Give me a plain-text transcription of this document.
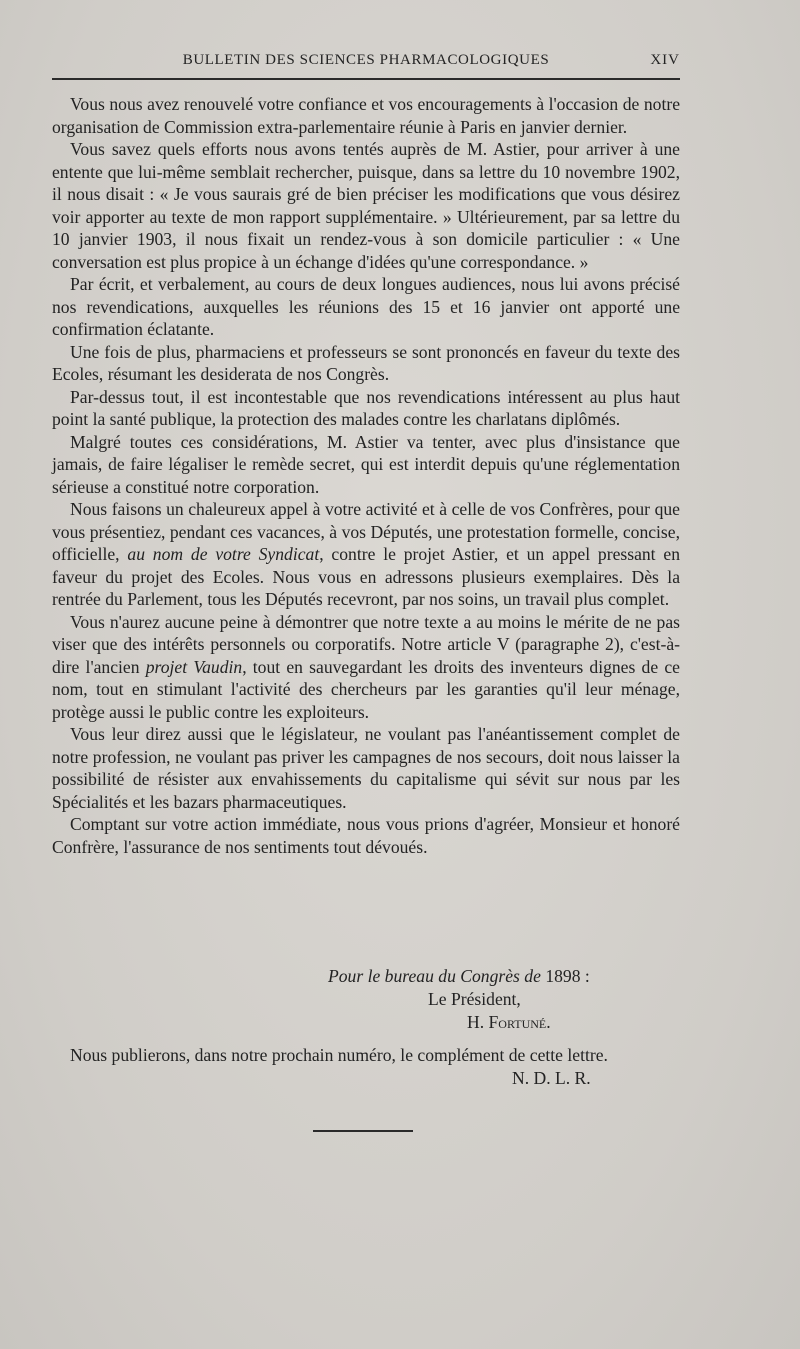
BULLETIN DES SCIENCES PHARMACOLOGIQUES	XIV

Vous nous avez renouvelé votre confiance et vos encouragements à l'occasion de notre organisation de Commission extra-parlementaire réunie à Paris en janvier dernier.

Vous savez quels efforts nous avons tentés auprès de M. Astier, pour arriver à une entente que lui-même semblait rechercher, puisque, dans sa lettre du 10 novembre 1902, il nous disait : « Je vous saurais gré de bien préciser les modifications que vous désirez voir apporter au texte de mon rapport supplémentaire. » Ultérieurement, par sa lettre du 10 janvier 1903, il nous fixait un rendez-vous à son domicile particulier : « Une conversation est plus propice à un échange d'idées qu'une correspondance. »

Par écrit, et verbalement, au cours de deux longues audiences, nous lui avons précisé nos revendications, auxquelles les réunions des 15 et 16 janvier ont apporté une confirmation éclatante.

Une fois de plus, pharmaciens et professeurs se sont prononcés en faveur du texte des Ecoles, résumant les desiderata de nos Congrès.

Par-dessus tout, il est incontestable que nos revendications intéressent au plus haut point la santé publique, la protection des malades contre les charlatans diplômés.

Malgré toutes ces considérations, M. Astier va tenter, avec plus d'insistance que jamais, de faire légaliser le remède secret, qui est interdit depuis qu'une réglementation sérieuse a constitué notre corporation.

Nous faisons un chaleureux appel à votre activité et à celle de vos Confrères, pour que vous présentiez, pendant ces vacances, à vos Députés, une protestation formelle, concise, officielle, au nom de votre Syndicat, contre le projet Astier, et un appel pressant en faveur du projet des Ecoles. Nous vous en adressons plusieurs exemplaires. Dès la rentrée du Parlement, tous les Députés recevront, par nos soins, un travail plus complet.

Vous n'aurez aucune peine à démontrer que notre texte a au moins le mérite de ne pas viser que des intérêts personnels ou corporatifs. Notre article V (paragraphe 2), c'est-à-dire l'ancien projet Vaudin, tout en sauvegardant les droits des inventeurs dignes de ce nom, tout en stimulant l'activité des chercheurs par les garanties qu'il leur ménage, protège aussi le public contre les exploiteurs.

Vous leur direz aussi que le législateur, ne voulant pas l'anéantissement complet de notre profession, ne voulant pas priver les campagnes de nos secours, doit nous laisser la possibilité de résister aux envahissements du capitalisme qui sévit sur nous par les Spécialités et les bazars pharmaceutiques.

Comptant sur votre action immédiate, nous vous prions d'agréer, Monsieur et honoré Confrère, l'assurance de nos sentiments tout dévoués.

Pour le bureau du Congrès de 1898 :
Le Président,
H. Fortuné.
Nous publierons, dans notre prochain numéro, le complément de cette lettre.
N. D. L. R.
